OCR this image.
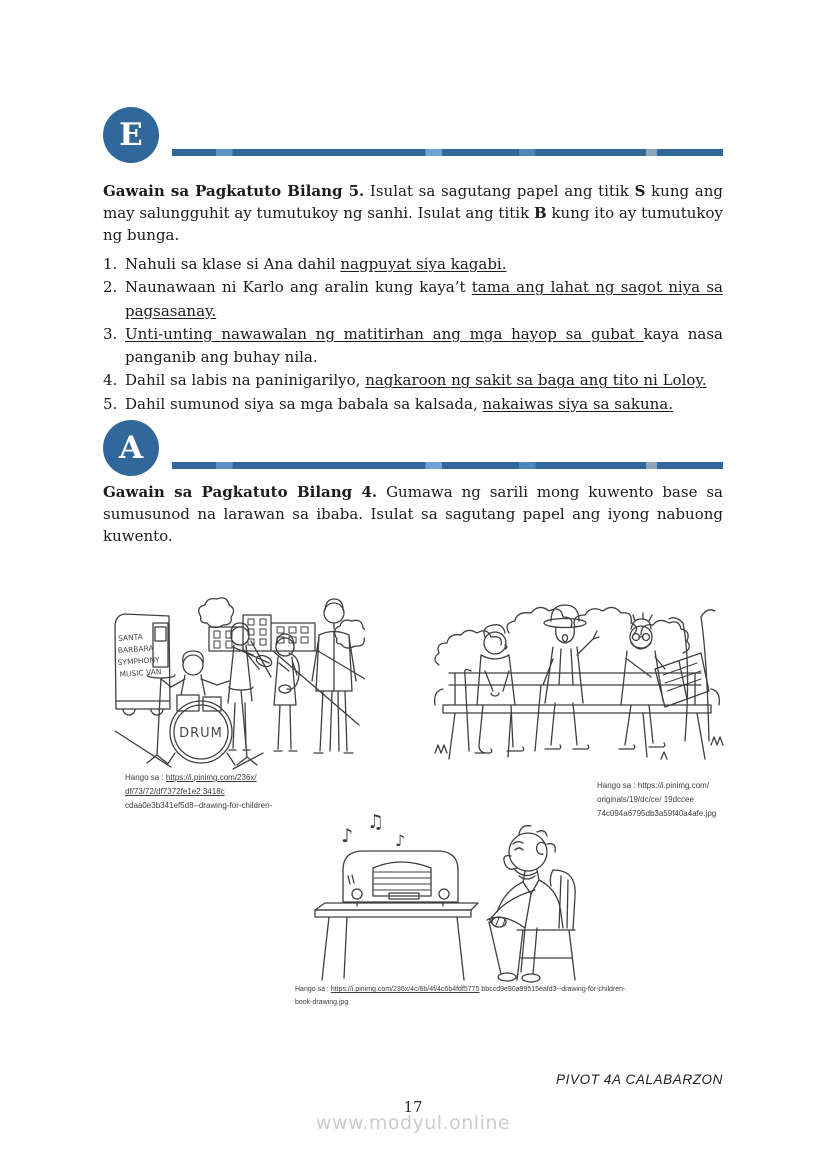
E

Gawain sa Pagkatuto Bilang 5. Isulat sa sagutang papel ang titik S kung ang may salungguhit ay tumutukoy ng sanhi. Isulat ang titik B kung ito ay tumutukoy ng bunga.

1. Nahuli sa klase si Ana dahil nagpuyat siya kagabi.
2. Naunawaan ni Karlo ang aralin kung kaya’t tama ang lahat ng sagot niya sa pagsasanay.
3. Unti-unting nawawalan ng matitirhan ang mga hayop sa gubat kaya nasa panganib ang buhay nila.
4. Dahil sa labis na paninigarilyo, nagkaroon ng sakit sa baga ang tito ni Loloy.
5. Dahil sumunod siya sa mga babala sa kalsada, nakaiwas siya sa sakuna.
A

Gawain sa Pagkatuto Bilang 4. Gumawa ng sarili mong kuwento base sa sumusunod na larawan sa ibaba. Isulat sa sagutang papel ang iyong nabuong kuwento.

SANTA
BARBARA
SYMPHONY
MUSIC VAN
DRUM
♪
♫
♪
Hango sa : https://i.pinimg.com/236x/
df/73/72/df7372fe1e2 3418c
cdaa0e3b341ef5d8--drawing-for-children-
Hango sa : https://i.pinimg.com/
originals/19/dc/ce/ 19dccee
74c094a6795db3a59f40a4afe.jpg
Hango sa : https://i.pinimg.com/236x/4c/6b/4f/4c6b4fdf5775 bbccd9e90a99515eafd3--drawing-for-children-
book-drawing.jpg
PIVOT 4A CALABARZON
17
www.modyul.online
